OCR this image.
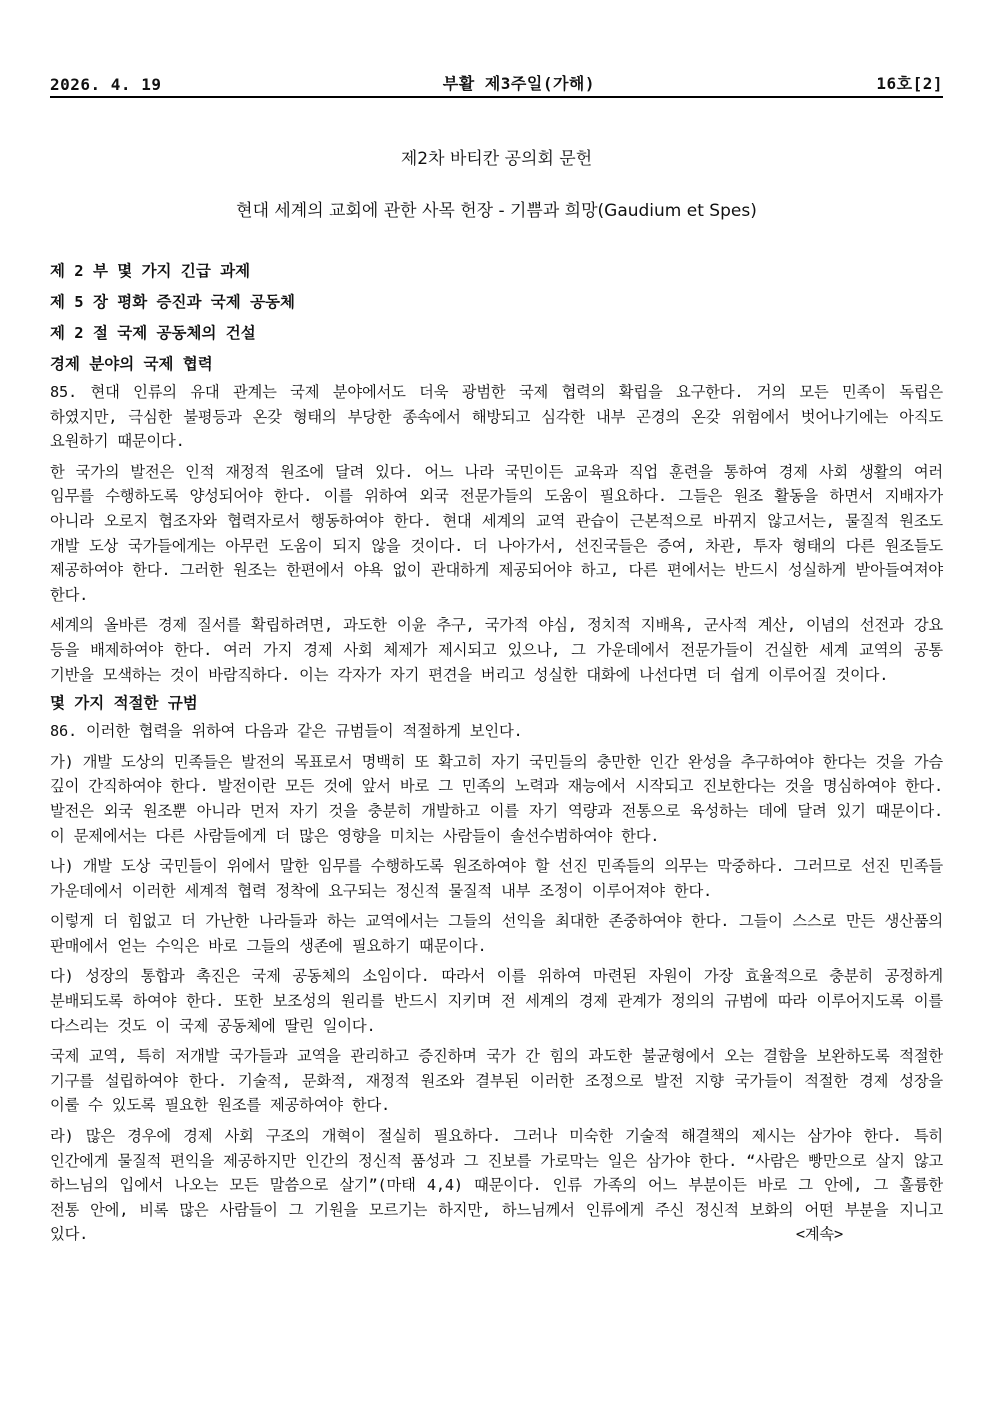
2026. 4. 19	부활 제3주일(가해)	16호[2]
제2차 바티칸 공의회 문헌
현대 세계의 교회에 관한 사목 헌장 - 기쁨과 희망(Gaudium et Spes)
제 2 부 몇 가지 긴급 과제
제 5 장 평화 증진과 국제 공동체
제 2 절 국제 공동체의 건설
경제 분야의 국제 협력

85. 현대 인류의 유대 관계는 국제 분야에서도 더욱 광범한 국제 협력의 확립을 요구한다. 거의 모든 민족이 독립은 하였지만, 극심한 불평등과 온갖 형태의 부당한 종속에서 해방되고 심각한 내부 곤경의 온갖 위험에서 벗어나기에는 아직도 요원하기 때문이다.

한 국가의 발전은 인적 재정적 원조에 달려 있다. 어느 나라 국민이든 교육과 직업 훈련을 통하여 경제 사회 생활의 여러 임무를 수행하도록 양성되어야 한다. 이를 위하여 외국 전문가들의 도움이 필요하다. 그들은 원조 활동을 하면서 지배자가 아니라 오로지 협조자와 협력자로서 행동하여야 한다. 현대 세계의 교역 관습이 근본적으로 바뀌지 않고서는, 물질적 원조도 개발 도상 국가들에게는 아무런 도움이 되지 않을 것이다. 더 나아가서, 선진국들은 증여, 차관, 투자 형태의 다른 원조들도 제공하여야 한다. 그러한 원조는 한편에서 야욕 없이 관대하게 제공되어야 하고, 다른 편에서는 반드시 성실하게 받아들여져야 한다.

세계의 올바른 경제 질서를 확립하려면, 과도한 이윤 추구, 국가적 야심, 정치적 지배욕, 군사적 계산, 이념의 선전과 강요 등을 배제하여야 한다. 여러 가지 경제 사회 체제가 제시되고 있으나, 그 가운데에서 전문가들이 건실한 세계 교역의 공통 기반을 모색하는 것이 바람직하다. 이는 각자가 자기 편견을 버리고 성실한 대화에 나선다면 더 쉽게 이루어질 것이다.

몇 가지 적절한 규범

86. 이러한 협력을 위하여 다음과 같은 규범들이 적절하게 보인다.

가) 개발 도상의 민족들은 발전의 목표로서 명백히 또 확고히 자기 국민들의 충만한 인간 완성을 추구하여야 한다는 것을 가슴 깊이 간직하여야 한다. 발전이란 모든 것에 앞서 바로 그 민족의 노력과 재능에서 시작되고 진보한다는 것을 명심하여야 한다. 발전은 외국 원조뿐 아니라 먼저 자기 것을 충분히 개발하고 이를 자기 역량과 전통으로 육성하는 데에 달려 있기 때문이다. 이 문제에서는 다른 사람들에게 더 많은 영향을 미치는 사람들이 솔선수범하여야 한다.

나) 개발 도상 국민들이 위에서 말한 임무를 수행하도록 원조하여야 할 선진 민족들의 의무는 막중하다. 그러므로 선진 민족들 가운데에서 이러한 세계적 협력 정착에 요구되는 정신적 물질적 내부 조정이 이루어져야 한다.

이렇게 더 힘없고 더 가난한 나라들과 하는 교역에서는 그들의 선익을 최대한 존중하여야 한다. 그들이 스스로 만든 생산품의 판매에서 얻는 수익은 바로 그들의 생존에 필요하기 때문이다.

다) 성장의 통합과 촉진은 국제 공동체의 소임이다. 따라서 이를 위하여 마련된 자원이 가장 효율적으로 충분히 공정하게 분배되도록 하여야 한다. 또한 보조성의 원리를 반드시 지키며 전 세계의 경제 관계가 정의의 규범에 따라 이루어지도록 이를 다스리는 것도 이 국제 공동체에 딸린 일이다.

국제 교역, 특히 저개발 국가들과 교역을 관리하고 증진하며 국가 간 힘의 과도한 불균형에서 오는 결함을 보완하도록 적절한 기구를 설립하여야 한다. 기술적, 문화적, 재정적 원조와 결부된 이러한 조정으로 발전 지향 국가들이 적절한 경제 성장을 이룰 수 있도록 필요한 원조를 제공하여야 한다.

라) 많은 경우에 경제 사회 구조의 개혁이 절실히 필요하다. 그러나 미숙한 기술적 해결책의 제시는 삼가야 한다. 특히 인간에게 물질적 편익을 제공하지만 인간의 정신적 품성과 그 진보를 가로막는 일은 삼가야 한다. “사람은 빵만으로 살지 않고 하느님의 입에서 나오는 모든 말씀으로 살기”(마태 4,4) 때문이다. 인류 가족의 어느 부분이든 바로 그 안에, 그 훌륭한 전통 안에, 비록 많은 사람들이 그 기원을 모르기는 하지만, 하느님께서 인류에게 주신 정신적 보화의 어떤 부분을 지니고 있다.	<계속>
